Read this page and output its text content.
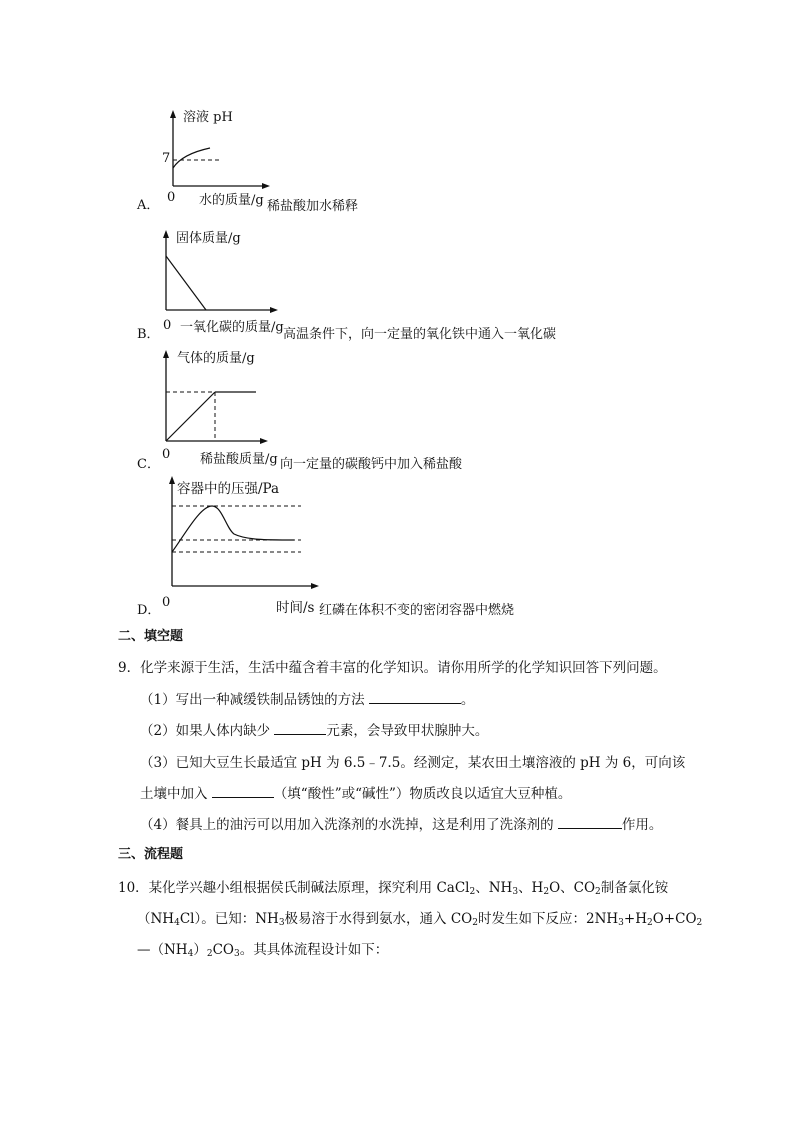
溶液 pH
7
A．
0 水的质量/g 稀盐酸加水稀释
固体质量/g
B．
0 一氧化碳的质量/g 高温条件下，向一定量的氧化铁中通入一氧化碳
气体的质量/g
C．
0 稀盐酸质量/g 向一定量的碳酸钙中加入稀盐酸
容器中的压强/Pa
D．
0	时间/s 红磷在体积不变的密闭容器中燃烧
二、填空题
9．化学来源于生活，生活中蕴含着丰富的化学知识。请你用所学的化学知识回答下列问题。
（1）写出一种减缓铁制品锈蚀的方法	。
（2）如果人体内缺少	元素，会导致甲状腺肿大。
（3）已知大豆生长最适宜 pH 为 6.5﹣7.5。经测定，某农田土壤溶液的 pH 为 6，可向该
土壤中加入	（填“酸性”或“碱性”）物质改良以适宜大豆种植。
（4）餐具上的油污可以用加入洗涤剂的水洗掉，这是利用了洗涤剂的	作用。
三、流程题
10．某化学兴趣小组根据侯氏制碱法原理，探究利用 CaCl$_2$、$NH_3$、$H_2O$、$CO_2$制备氯化铵
$(NH_4Cl)$。已知：$NH_3$极易溶于水得到氨水，通入 $CO_2$时发生如下反应：$2NH_3+H_2O+CO_2$
$—(NH_4)_2CO_3$。其具体流程设计如下：
